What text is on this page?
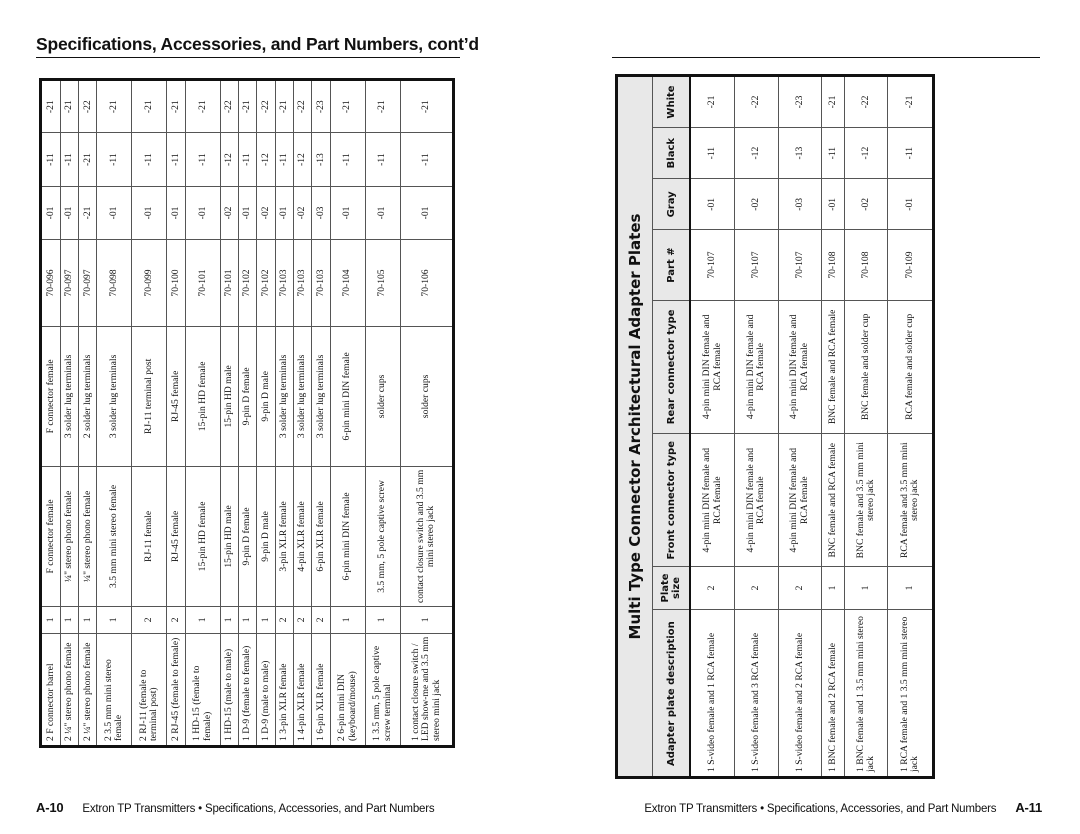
Specifications, Accessories, and Part Numbers, cont’d
2 F connector barrel	1	F connector female	F connector female	70-096	-01	-11	-21
2 ¼" stereo phono female	1	¼" stereo phono female	3 solder lug terminals	70-097	-01	-11	-21
2 ¼" stereo phono female	1	¼" stereo phono female	2 solder lug terminals	70-097	-21	-21	-22
2 3.5 mm mini stereo female	1	3.5 mm mini stereo female	3 solder lug terminals	70-098	-01	-11	-21
2 RJ-11 (female to terminal post)	2	RJ-11 female	RJ-11 terminal post	70-099	-01	-11	-21
2 RJ-45 (female to female)	2	RJ-45 female	RJ-45 female	70-100	-01	-11	-21
1 HD-15 (female to female)	1	15-pin HD female	15-pin HD female	70-101	-01	-11	-21
1 HD-15 (male to male)	1	15-pin HD male	15-pin HD male	70-101	-02	-12	-22
1 D-9 (female to female)	1	9-pin D female	9-pin D female	70-102	-01	-11	-21
1 D-9 (male to male)	1	9-pin D male	9-pin D male	70-102	-02	-12	-22
1 3-pin XLR female	2	3-pin XLR female	3 solder lug terminals	70-103	-01	-11	-21
1 4-pin XLR female	2	4-pin XLR female	3 solder lug terminals	70-103	-02	-12	-22
1 6-pin XLR female	2	6-pin XLR female	3 solder lug terminals	70-103	-03	-13	-23
2 6-pin mini DIN (keyboard/mouse)	1	6-pin mini DIN female	6-pin mini DIN female	70-104	-01	-11	-21
1 3.5 mm, 5 pole captive screw terminal	1	3.5 mm, 5 pole captive screw	solder cups	70-105	-01	-11	-21
1 contact closure switch / LED show-me and 3.5 mm stereo mini jack	1	contact closure switch and 3.5 mm mini stereo jack	solder cups	70-106	-01	-11	-21
A-10 Extron TP Transmitters • Specifications, Accessories, and Part Numbers
Multi Type Connector Architectural Adapter Plates							
Adapter plate description	Plate size	Front connector type	Rear connector type	Part #	Gray	Black	White
1 S-video female and 1 RCA female	2	4-pin mini DIN female and RCA female	4-pin mini DIN female and RCA female	70-107	-01	-11	-21
1 S-video female and 3 RCA female	2	4-pin mini DIN female and RCA female	4-pin mini DIN female and RCA female	70-107	-02	-12	-22
1 S-video female and 2 RCA female	2	4-pin mini DIN female and RCA female	4-pin mini DIN female and RCA female	70-107	-03	-13	-23
1 BNC female and 2 RCA female	1	BNC female and RCA female	BNC female and RCA female	70-108	-01	-11	-21
1 BNC female and 1 3.5 mm mini stereo jack	1	BNC female and 3.5 mm mini stereo jack	BNC female and solder cup	70-108	-02	-12	-22
1 RCA female and 1 3.5 mm mini stereo jack	1	RCA female and 3.5 mm mini stereo jack	RCA female and solder cup	70-109	-01	-11	-21
Extron TP Transmitters • Specifications, Accessories, and Part Numbers A-11
